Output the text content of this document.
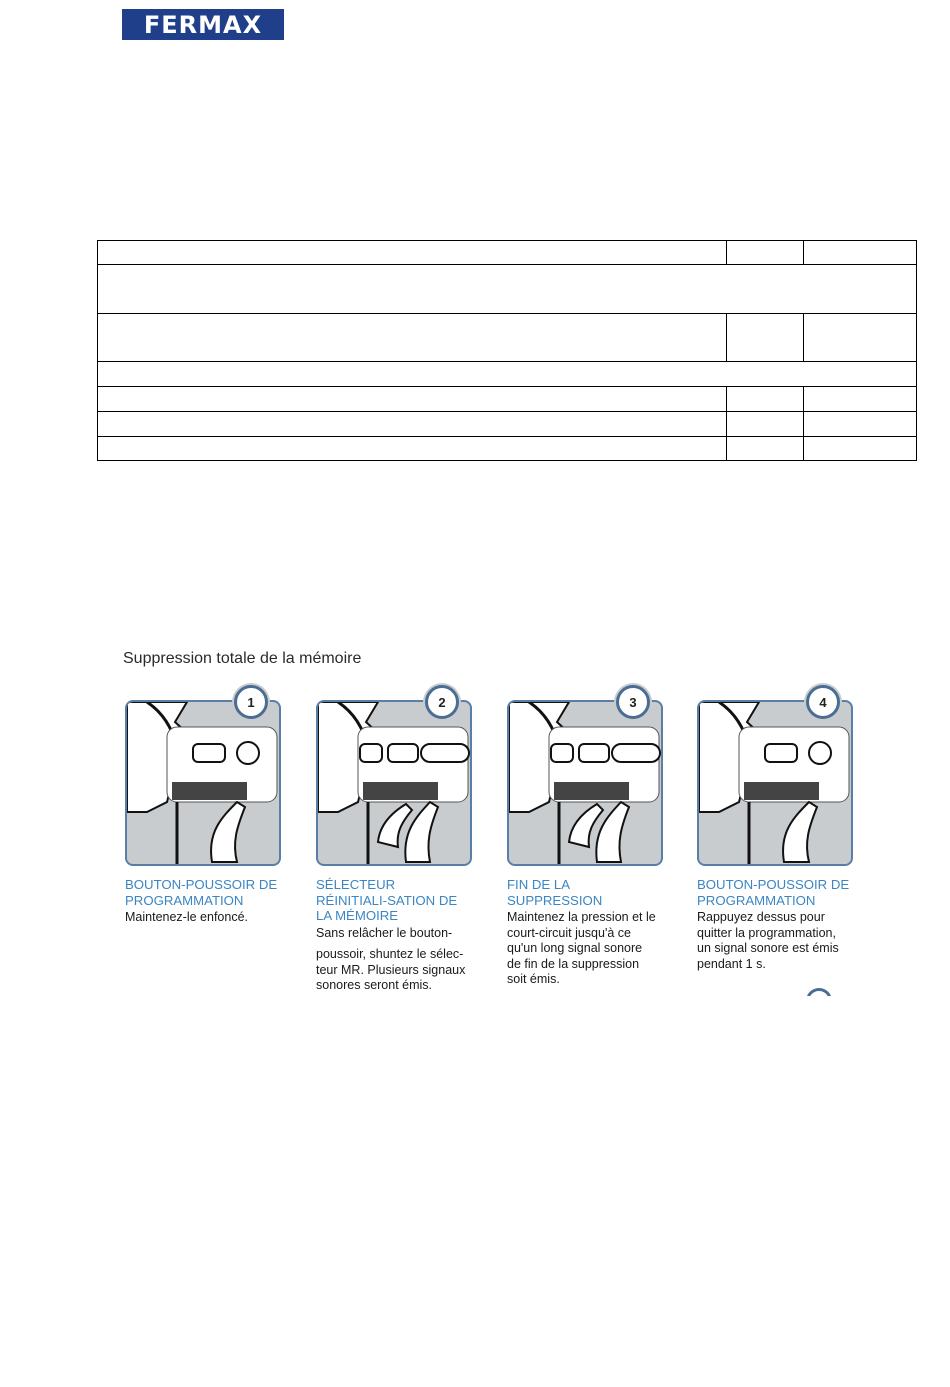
FERMAX

Suppression totale de la mémoire
1	2	3	4

BOUTON-POUSSOIR DE PROGRAMMATION

Maintenez-le enfoncé.

SÉLECTEUR RÉINITIALI-SATION DE LA MÉMOIRE

Sans relâcher le bouton-

poussoir, shuntez le sélec-teur MR. Plusieurs signaux sonores seront émis.

FIN DE LA SUPPRESSION

Maintenez la pression et le court-circuit jusqu'à ce qu'un long signal sonore de fin de la suppression soit émis.

BOUTON-POUSSOIR DE PROGRAMMATION

Rappuyez dessus pour quitter la programmation, un signal sonore est émis pendant 1 s.
